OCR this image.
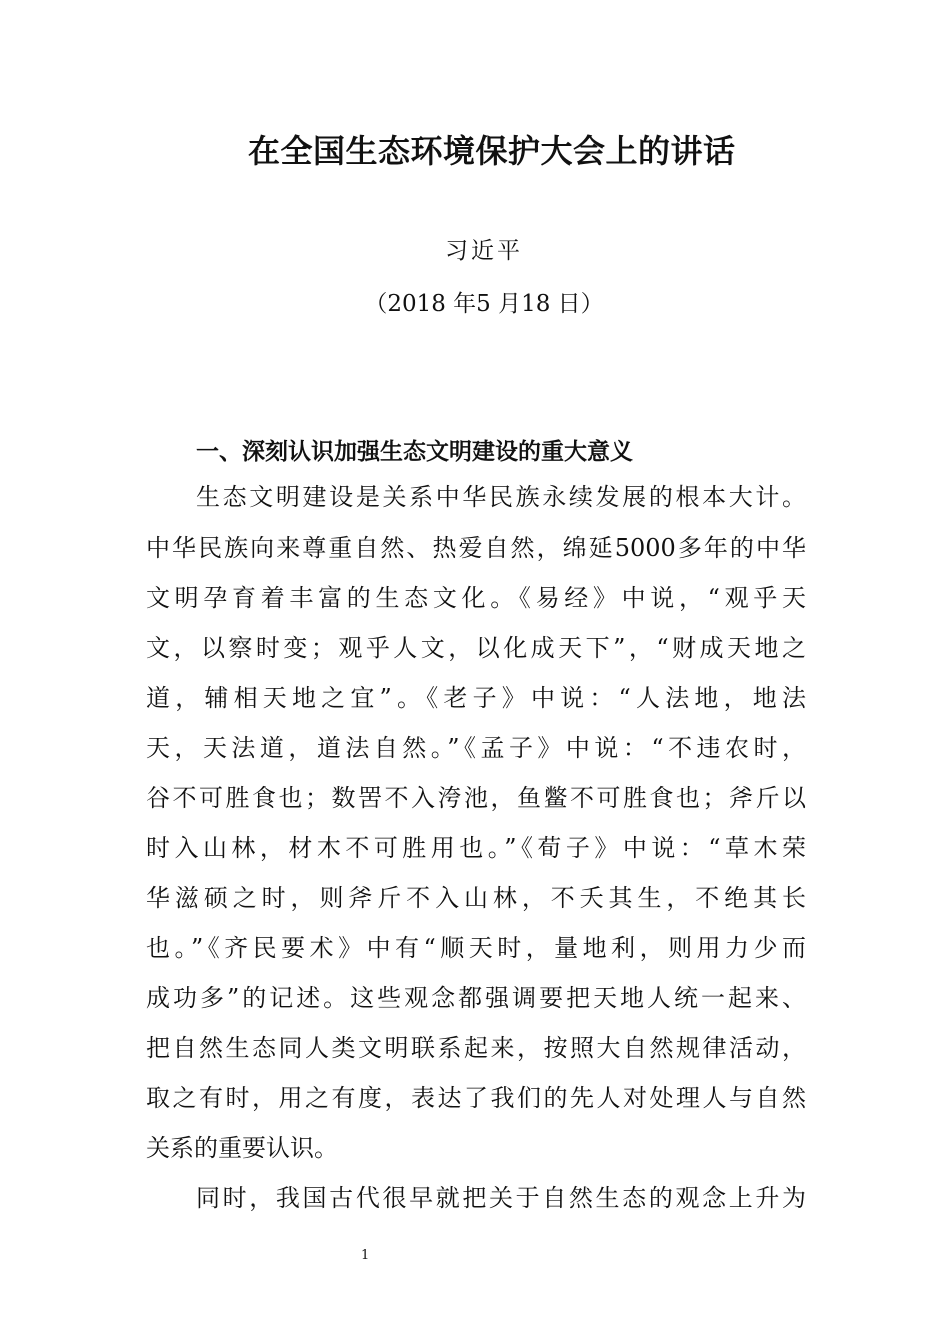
在全国生态环境保护大会上的讲话
习近平
（2018 年5 月18 日）
一、深刻认识加强生态文明建设的重大意义
生态文明建设是关系中华民族永续发展的根本大计。
中华民族向来尊重自然、热爱自然，绵延5000多年的中华
文明孕育着丰富的生态文化。《易经》中说，“观乎天
文，以察时变；观乎人文，以化成天下”，“财成天地之
道，辅相天地之宜”。《老子》中说：“人法地，地法
天，天法道，道法自然。”《孟子》中说：“不违农时，
谷不可胜食也；数罟不入洿池，鱼鳖不可胜食也；斧斤以
时入山林，材木不可胜用也。”《荀子》中说：“草木荣
华滋硕之时，则斧斤不入山林，不夭其生，不绝其长
也。”《齐民要术》中有“顺天时，量地利，则用力少而
成功多”的记述。这些观念都强调要把天地人统一起来、
把自然生态同人类文明联系起来，按照大自然规律活动，
取之有时，用之有度，表达了我们的先人对处理人与自然
关系的重要认识。
同时，我国古代很早就把关于自然生态的观念上升为
1
